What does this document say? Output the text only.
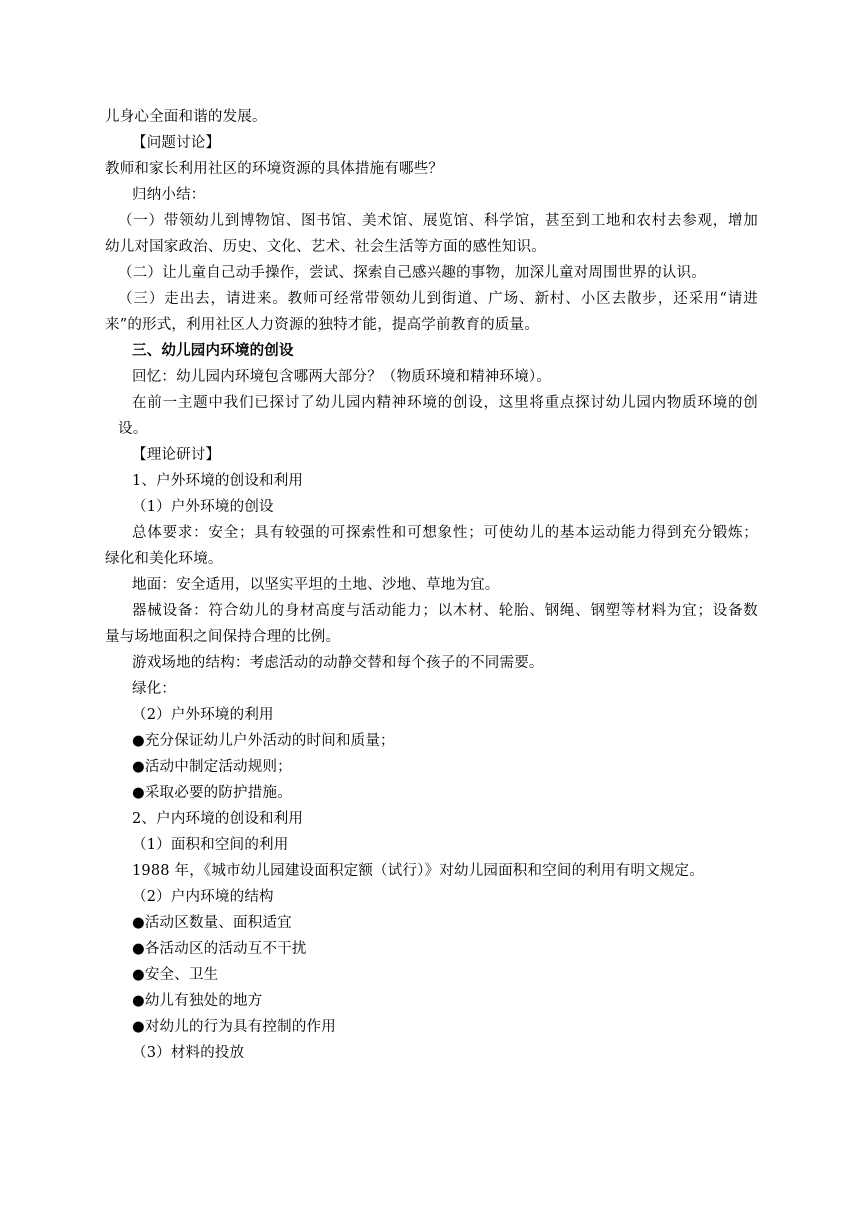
儿身心全面和谐的发展。
【问题讨论】
教师和家长利用社区的环境资源的具体措施有哪些？
归纳小结：
（一）带领幼儿到博物馆、图书馆、美术馆、展览馆、科学馆，甚至到工地和农村去参观，增加
幼儿对国家政治、历史、文化、艺术、社会生活等方面的感性知识。
（二）让儿童自己动手操作，尝试、探索自己感兴趣的事物，加深儿童对周围世界的认识。
（三）走出去，请进来。教师可经常带领幼儿到街道、广场、新村、小区去散步，还采用“请进
来”的形式，利用社区人力资源的独特才能，提高学前教育的质量。
三、幼儿园内环境的创设
回忆：幼儿园内环境包含哪两大部分？（物质环境和精神环境）。
在前一主题中我们已探讨了幼儿园内精神环境的创设，这里将重点探讨幼儿园内物质环境的创
设。
【理论研讨】
1、户外环境的创设和利用
（1）户外环境的创设
总体要求：安全；具有较强的可探索性和可想象性；可使幼儿的基本运动能力得到充分锻炼；
绿化和美化环境。
地面：安全适用，以坚实平坦的土地、沙地、草地为宜。
器械设备：符合幼儿的身材高度与活动能力；以木材、轮胎、钢绳、钢塑等材料为宜；设备数
量与场地面积之间保持合理的比例。
游戏场地的结构：考虑活动的动静交替和每个孩子的不同需要。
绿化：
（2）户外环境的利用
●充分保证幼儿户外活动的时间和质量；
●活动中制定活动规则；
●采取必要的防护措施。
2、户内环境的创设和利用
（1）面积和空间的利用
1988 年，《城市幼儿园建设面积定额（试行）》对幼儿园面积和空间的利用有明文规定。
（2）户内环境的结构
●活动区数量、面积适宜
●各活动区的活动互不干扰
●安全、卫生
●幼儿有独处的地方
●对幼儿的行为具有控制的作用
（3）材料的投放
